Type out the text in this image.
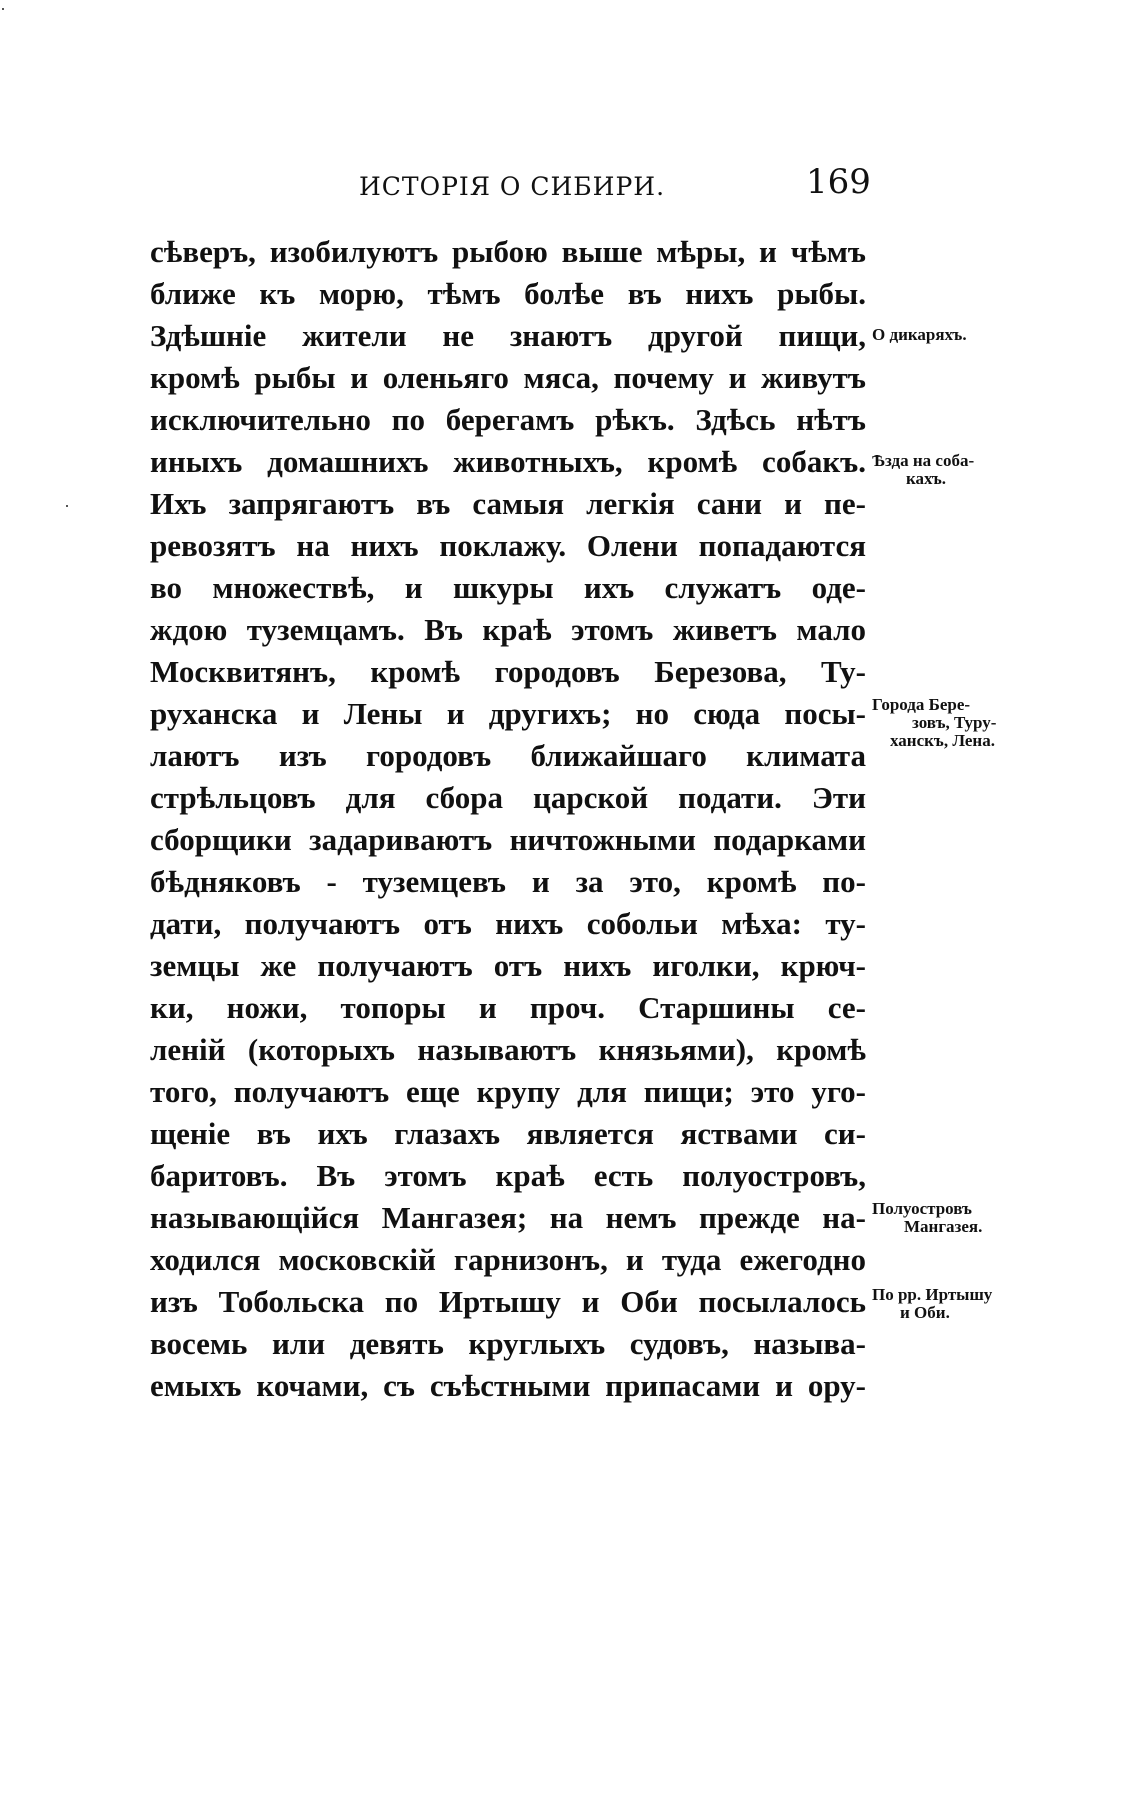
ИСТОРІЯ О СИБИРИ.	169
сѣверъ, изобилуютъ рыбою выше мѣры, и чѣмъ
ближе къ морю, тѣмъ болѣе въ нихъ рыбы.
Здѣшніе жители не знаютъ другой пищи,
кромѣ рыбы и оленьяго мяса, почему и живутъ
исключительно по берегамъ рѣкъ. Здѣсь нѣтъ
иныхъ домашнихъ животныхъ, кромѣ собакъ.
Ихъ запрягаютъ въ самыя легкія сани и пе-
ревозятъ на нихъ поклажу. Олени попадаются
во множествѣ, и шкуры ихъ служатъ оде-
ждою туземцамъ. Въ краѣ этомъ живетъ мало
Москвитянъ, кромѣ городовъ Березова, Ту-
руханска и Лены и другихъ; но сюда посы-
лаютъ изъ городовъ ближайшаго климата
стрѣльцовъ для сбора царской подати. Эти
сборщики задариваютъ ничтожными подарками
бѣдняковъ - туземцевъ и за это, кромѣ по-
дати, получаютъ отъ нихъ собольи мѣха: ту-
земцы же получаютъ отъ нихъ иголки, крюч-
ки, ножи, топоры и проч. Старшины се-
леній (которыхъ называютъ князьями), кромѣ
того, получаютъ еще крупу для пищи; это уго-
щеніе въ ихъ глазахъ является яствами си-
баритовъ. Въ этомъ краѣ есть полуостровъ,
называющійся Мангазея; на немъ прежде на-
ходился московскій гарнизонъ, и туда ежегодно
изъ Тобольска по Иртышу и Оби посылалось
восемь или девять круглыхъ судовъ, называ-
емыхъ кочами, съ съѣстными припасами и ору-
О дикаряхъ.
Ѣзда на соба-
кахъ.
Города Бере-
зовъ, Туру-
ханскъ, Лена.
Полуостровъ
Мангазея.
По рр. Иртышу
и Оби.
